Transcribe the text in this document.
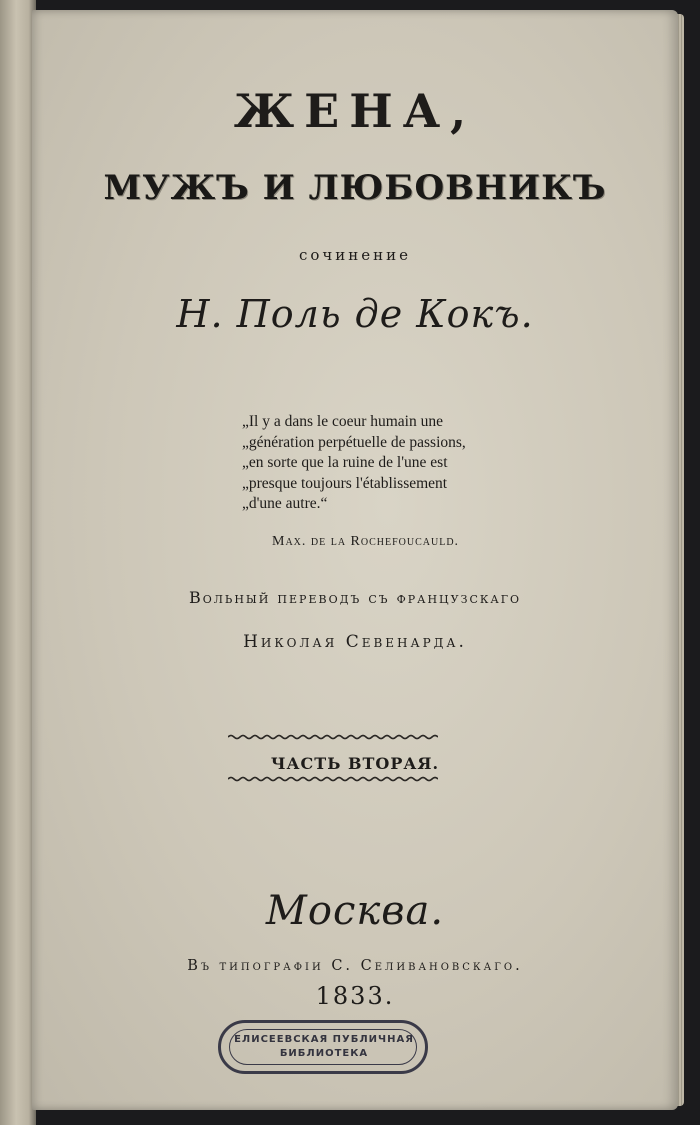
ЖЕНА,
МУЖЪ И ЛЮБОВНИКЪ
сочинение
Н. Поль де Кокъ.
„Il y a dans le coeur humain une
„génération perpétuelle de passions,
„en sorte que la ruine de l'une est
„presque toujours l'établissement
„d'une autre.“
Max. de la Rochefoucauld.
Вольный переводъ съ французскаго
Николая Севенарда.
ЧАСТЬ ВТОРАЯ.
Москва.
Въ типографіи С. Селивановскаго.
1833.
ЕЛИСЕЕВСКАЯ ПУБЛИЧНАЯ
БИБЛИОТЕКА
